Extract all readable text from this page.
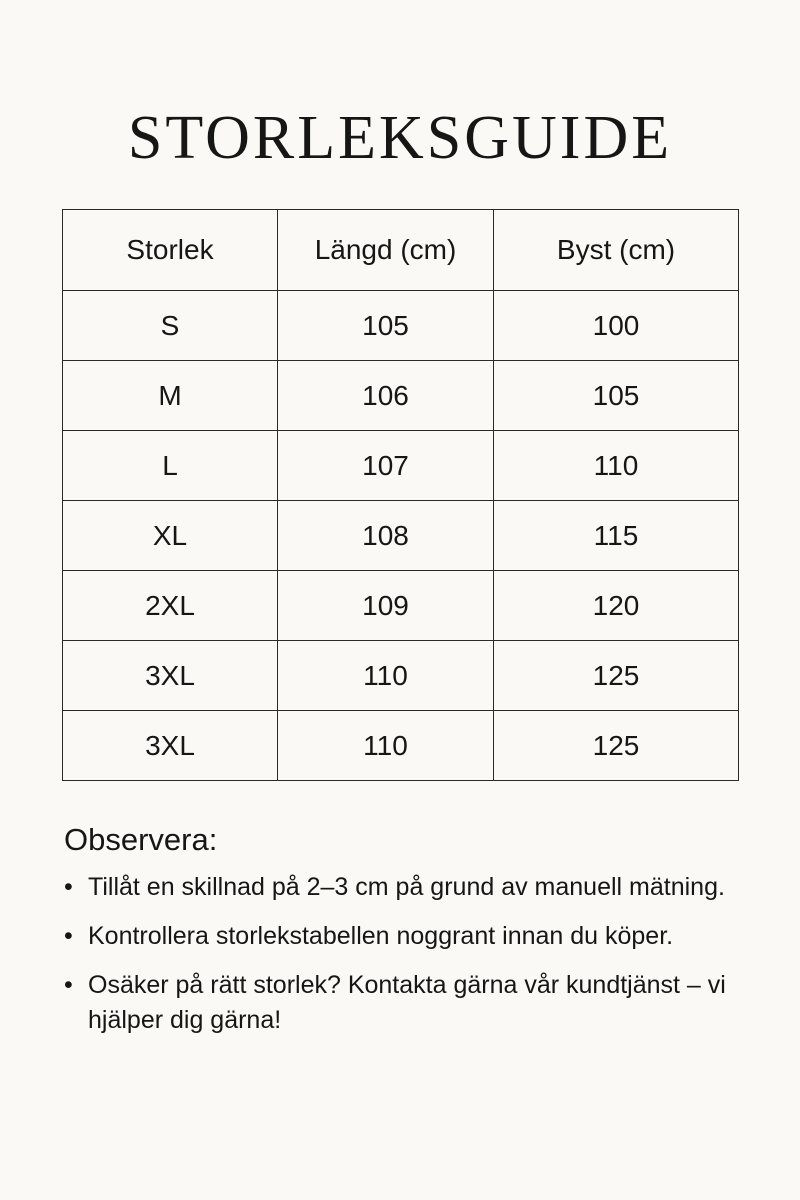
STORLEKSGUIDE
Storlek	Längd (cm)	Byst (cm)
S	105	100
M	106	105
L	107	110
XL	108	115
2XL	109	120
3XL	110	125
3XL	110	125
Observera:
• Tillåt en skillnad på 2–3 cm på grund av manuell mätning.
• Kontrollera storlekstabellen noggrant innan du köper.
• Osäker på rätt storlek? Kontakta gärna vår kundtjänst – vi hjälper dig gärna!
